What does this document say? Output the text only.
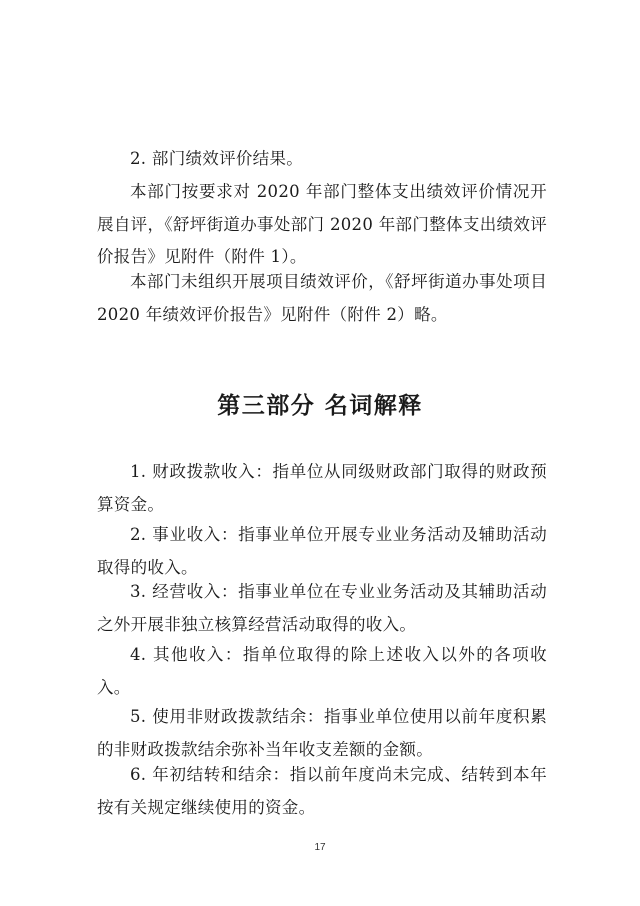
2. 部门绩效评价结果。

本部门按要求对 2020 年部门整体支出绩效评价情况开展自评，《舒坪街道办事处部门 2020 年部门整体支出绩效评价报告》见附件（附件 1）。

本部门未组织开展项目绩效评价，《舒坪街道办事处项目 2020 年绩效评价报告》见附件（附件 2）略。

第三部分 名词解释

1. 财政拨款收入：指单位从同级财政部门取得的财政预算资金。

2. 事业收入：指事业单位开展专业业务活动及辅助活动取得的收入。

3. 经营收入：指事业单位在专业业务活动及其辅助活动之外开展非独立核算经营活动取得的收入。

4. 其他收入：指单位取得的除上述收入以外的各项收入。

5. 使用非财政拨款结余：指事业单位使用以前年度积累的非财政拨款结余弥补当年收支差额的金额。

6. 年初结转和结余：指以前年度尚未完成、结转到本年按有关规定继续使用的资金。

17
